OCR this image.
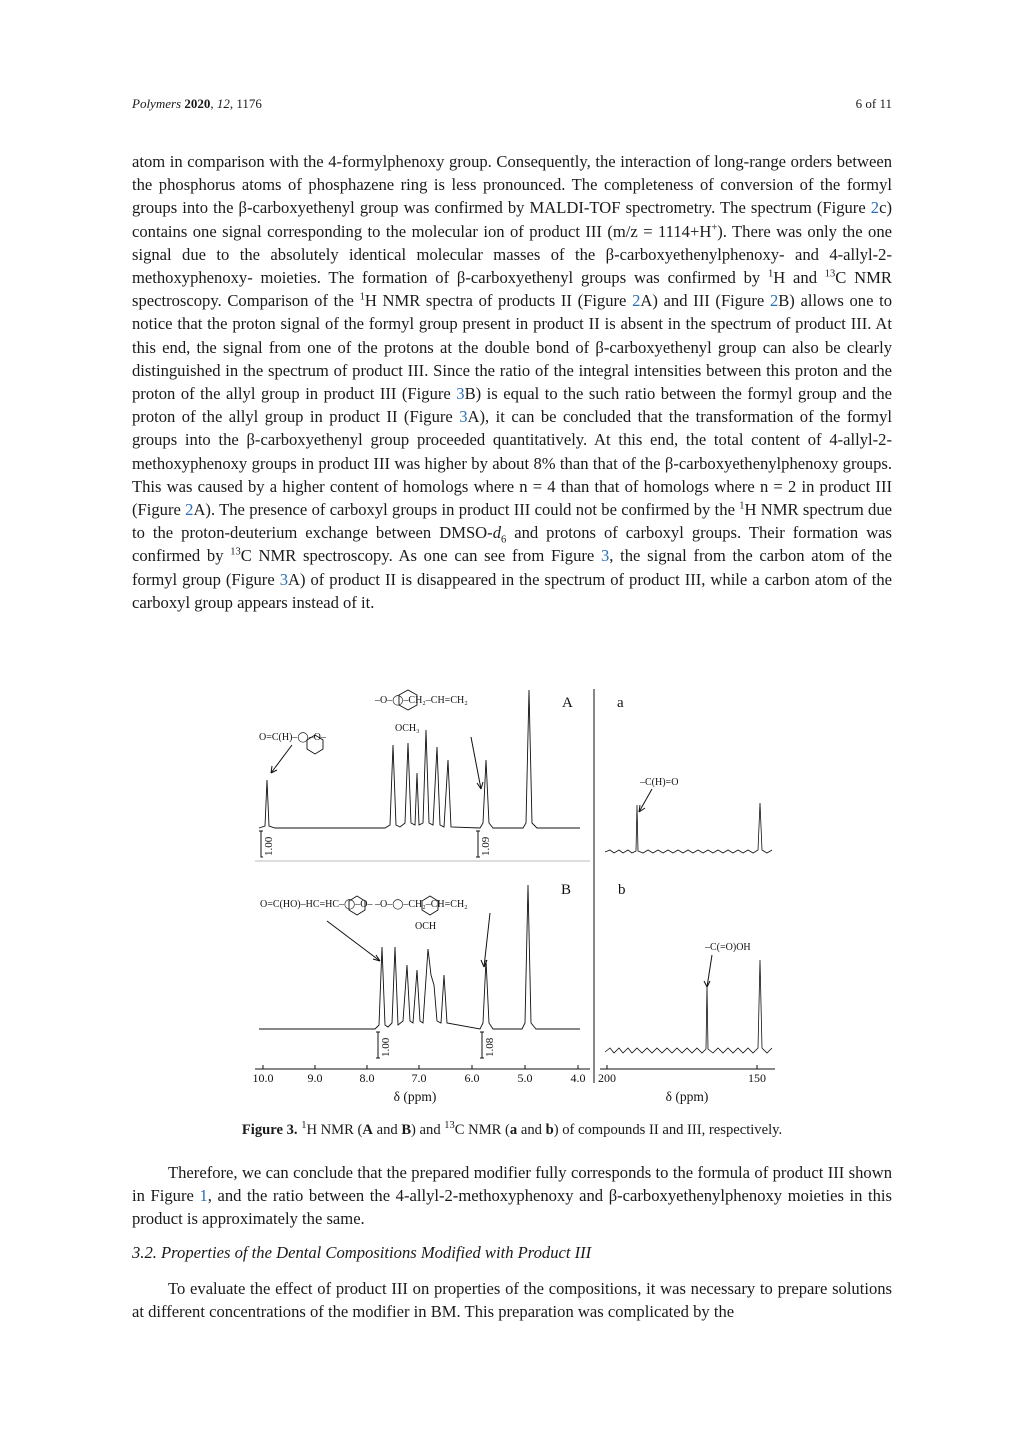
Polymers 2020, 12, 1176	6 of 11

atom in comparison with the 4-formylphenoxy group. Consequently, the interaction of long-range orders between the phosphorus atoms of phosphazene ring is less pronounced. The completeness of conversion of the formyl groups into the β-carboxyethenyl group was confirmed by MALDI-TOF spectrometry. The spectrum (Figure 2c) contains one signal corresponding to the molecular ion of product III (m/z = 1114+H+). There was only the one signal due to the absolutely identical molecular masses of the β-carboxyethenylphenoxy- and 4-allyl-2-methoxyphenoxy- moieties. The formation of β-carboxyethenyl groups was confirmed by $^1$H and $^{13}$C NMR spectroscopy. Comparison of the $^1$H NMR spectra of products II (Figure 2A) and III (Figure 2B) allows one to notice that the proton signal of the formyl group present in product II is absent in the spectrum of product III. At this end, the signal from one of the protons at the double bond of β-carboxyethenyl group can also be clearly distinguished in the spectrum of product III. Since the ratio of the integral intensities between this proton and the proton of the allyl group in product III (Figure 3B) is equal to the such ratio between the formyl group and the proton of the allyl group in product II (Figure 3A), it can be concluded that the transformation of the formyl groups into the β-carboxyethenyl group proceeded quantitatively. At this end, the total content of 4-allyl-2-methoxyphenoxy groups in product III was higher by about 8% than that of the β-carboxyethenylphenoxy groups. This was caused by a higher content of homologs where n = 4 than that of homologs where n = 2 in product III (Figure 2A). The presence of carboxyl groups in product III could not be confirmed by the $^1$H NMR spectrum due to the proton-deuterium exchange between DMSO-$d_6$ and protons of carboxyl groups. Their formation was confirmed by $^{13}$C NMR spectroscopy. As one can see from Figure 3, the signal from the carbon atom of the formyl group (Figure 3A) of product II is disappeared in the spectrum of product III, while a carbon atom of the carboxyl group appears instead of it.

–O–◯–CH₂–CH=CH₂
OCH₃
O=C(H)–◯–O–
O=C(HO)–HC=HC–◯–O– –O–◯–CH₂–CH=CH₂
OCH
–C(H)=O
–C(=O)OH
A	a
B	b
1.00	1.09
1.00	1.08
10.0	9.0	8.0	7.0	6.0	5.0	4.0 200	150
δ (ppm)	δ (ppm)
Figure 3. $^1$H NMR (A and B) and $^{13}$C NMR (a and b) of compounds II and III, respectively.

Therefore, we can conclude that the prepared modifier fully corresponds to the formula of product III shown in Figure 1, and the ratio between the 4-allyl-2-methoxyphenoxy and β-carboxyethenylphenoxy moieties in this product is approximately the same.

3.2. Properties of the Dental Compositions Modified with Product III

To evaluate the effect of product III on properties of the compositions, it was necessary to prepare solutions at different concentrations of the modifier in BM. This preparation was complicated by the
